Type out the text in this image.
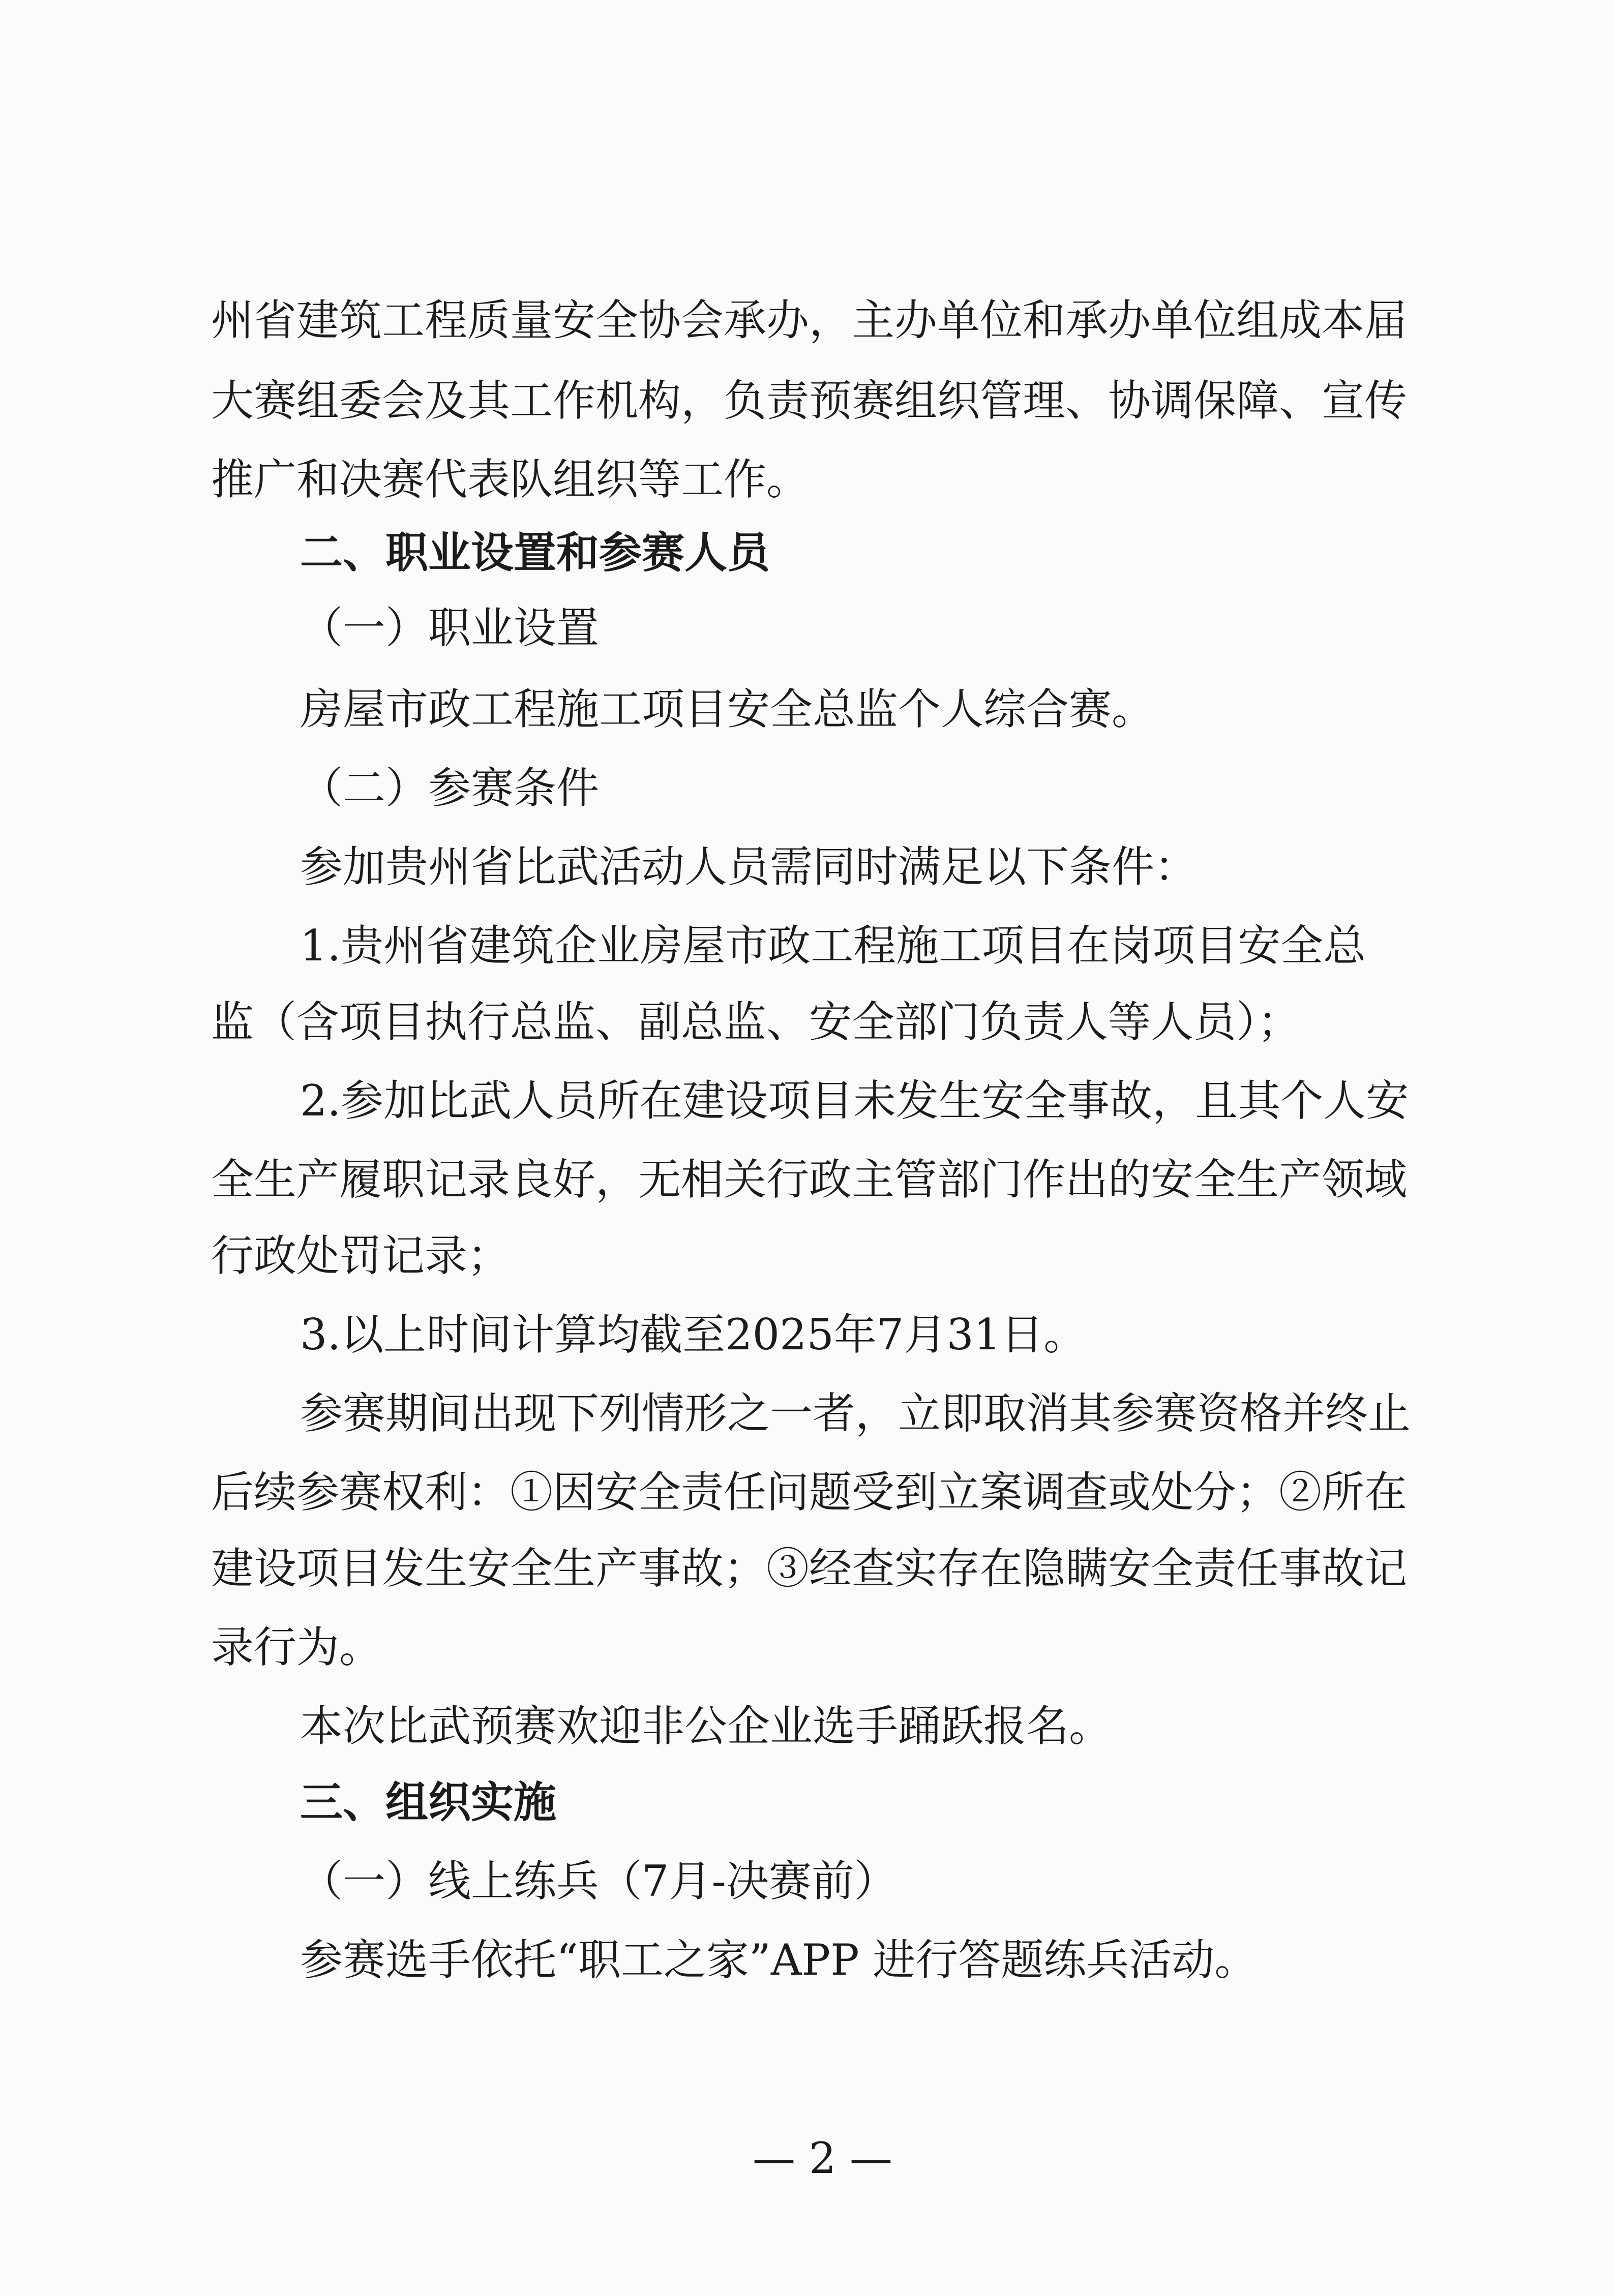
州省建筑工程质量安全协会承办，主办单位和承办单位组成本届
大赛组委会及其工作机构，负责预赛组织管理、协调保障、宣传
推广和决赛代表队组织等工作。
二、职业设置和参赛人员
（一）职业设置
房屋市政工程施工项目安全总监个人综合赛。
（二）参赛条件
参加贵州省比武活动人员需同时满足以下条件：
1.贵州省建筑企业房屋市政工程施工项目在岗项目安全总
监（含项目执行总监、副总监、安全部门负责人等人员）；
2.参加比武人员所在建设项目未发生安全事故，且其个人安
全生产履职记录良好，无相关行政主管部门作出的安全生产领域
行政处罚记录；
3.以上时间计算均截至2025年7月31日。
参赛期间出现下列情形之一者，立即取消其参赛资格并终止
后续参赛权利：①因安全责任问题受到立案调查或处分；②所在
建设项目发生安全生产事故；③经查实存在隐瞒安全责任事故记
录行为。
本次比武预赛欢迎非公企业选手踊跃报名。
三、组织实施
（一）线上练兵（7月-决赛前）
参赛选手依托“职工之家”APP 进行答题练兵活动。
— 2 —
